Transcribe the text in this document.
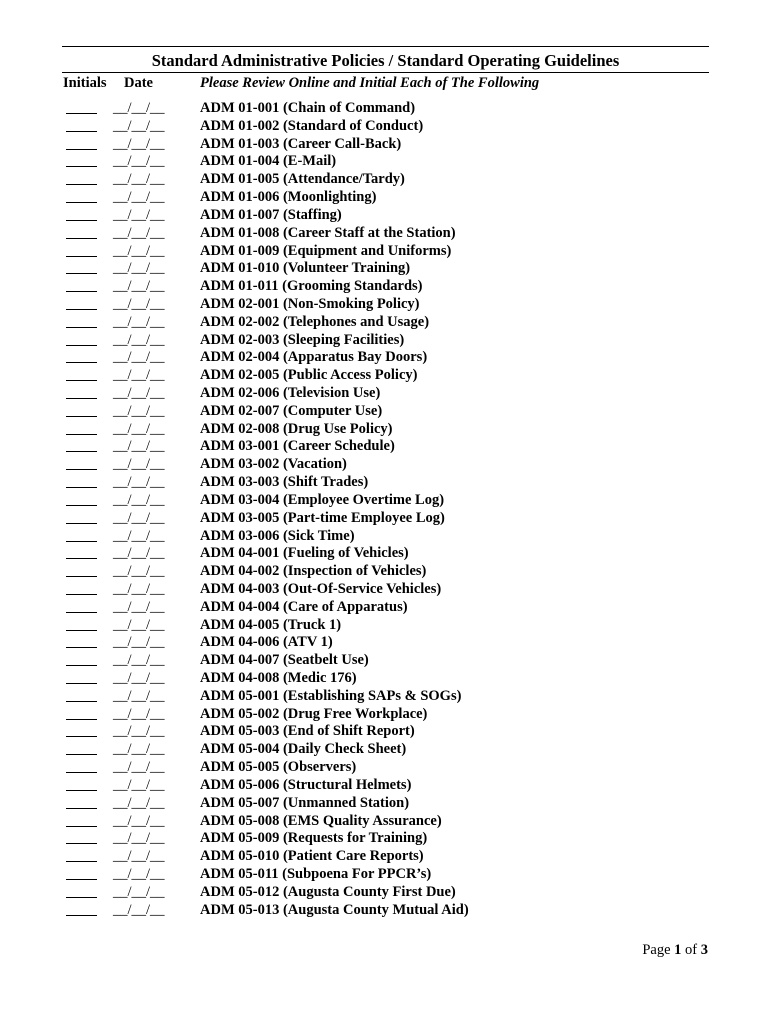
Standard Administrative Policies / Standard Operating Guidelines
Initials Date	Please Review Online and Initial Each of The Following
__/__/__ ADM 01-001 (Chain of Command)
__/__/__ ADM 01-002 (Standard of Conduct)
__/__/__ ADM 01-003 (Career Call-Back)
__/__/__ ADM 01-004 (E-Mail)
__/__/__ ADM 01-005 (Attendance/Tardy)
__/__/__ ADM 01-006 (Moonlighting)
__/__/__ ADM 01-007 (Staffing)
__/__/__ ADM 01-008 (Career Staff at the Station)
__/__/__ ADM 01-009 (Equipment and Uniforms)
__/__/__ ADM 01-010 (Volunteer Training)
__/__/__ ADM 01-011 (Grooming Standards)
__/__/__ ADM 02-001 (Non-Smoking Policy)
__/__/__ ADM 02-002 (Telephones and Usage)
__/__/__ ADM 02-003 (Sleeping Facilities)
__/__/__ ADM 02-004 (Apparatus Bay Doors)
__/__/__ ADM 02-005 (Public Access Policy)
__/__/__ ADM 02-006 (Television Use)
__/__/__ ADM 02-007 (Computer Use)
__/__/__ ADM 02-008 (Drug Use Policy)
__/__/__ ADM 03-001 (Career Schedule)
__/__/__ ADM 03-002 (Vacation)
__/__/__ ADM 03-003 (Shift Trades)
__/__/__ ADM 03-004 (Employee Overtime Log)
__/__/__ ADM 03-005 (Part-time Employee Log)
__/__/__ ADM 03-006 (Sick Time)
__/__/__ ADM 04-001 (Fueling of Vehicles)
__/__/__ ADM 04-002 (Inspection of Vehicles)
__/__/__ ADM 04-003 (Out-Of-Service Vehicles)
__/__/__ ADM 04-004 (Care of Apparatus)
__/__/__ ADM 04-005 (Truck 1)
__/__/__ ADM 04-006 (ATV 1)
__/__/__ ADM 04-007 (Seatbelt Use)
__/__/__ ADM 04-008 (Medic 176)
__/__/__ ADM 05-001 (Establishing SAPs & SOGs)
__/__/__ ADM 05-002 (Drug Free Workplace)
__/__/__ ADM 05-003 (End of Shift Report)
__/__/__ ADM 05-004 (Daily Check Sheet)
__/__/__ ADM 05-005 (Observers)
__/__/__ ADM 05-006 (Structural Helmets)
__/__/__ ADM 05-007 (Unmanned Station)
__/__/__ ADM 05-008 (EMS Quality Assurance)
__/__/__ ADM 05-009 (Requests for Training)
__/__/__ ADM 05-010 (Patient Care Reports)
__/__/__ ADM 05-011 (Subpoena For PPCR’s)
__/__/__ ADM 05-012 (Augusta County First Due)
__/__/__ ADM 05-013 (Augusta County Mutual Aid)
Page 1 of 3
